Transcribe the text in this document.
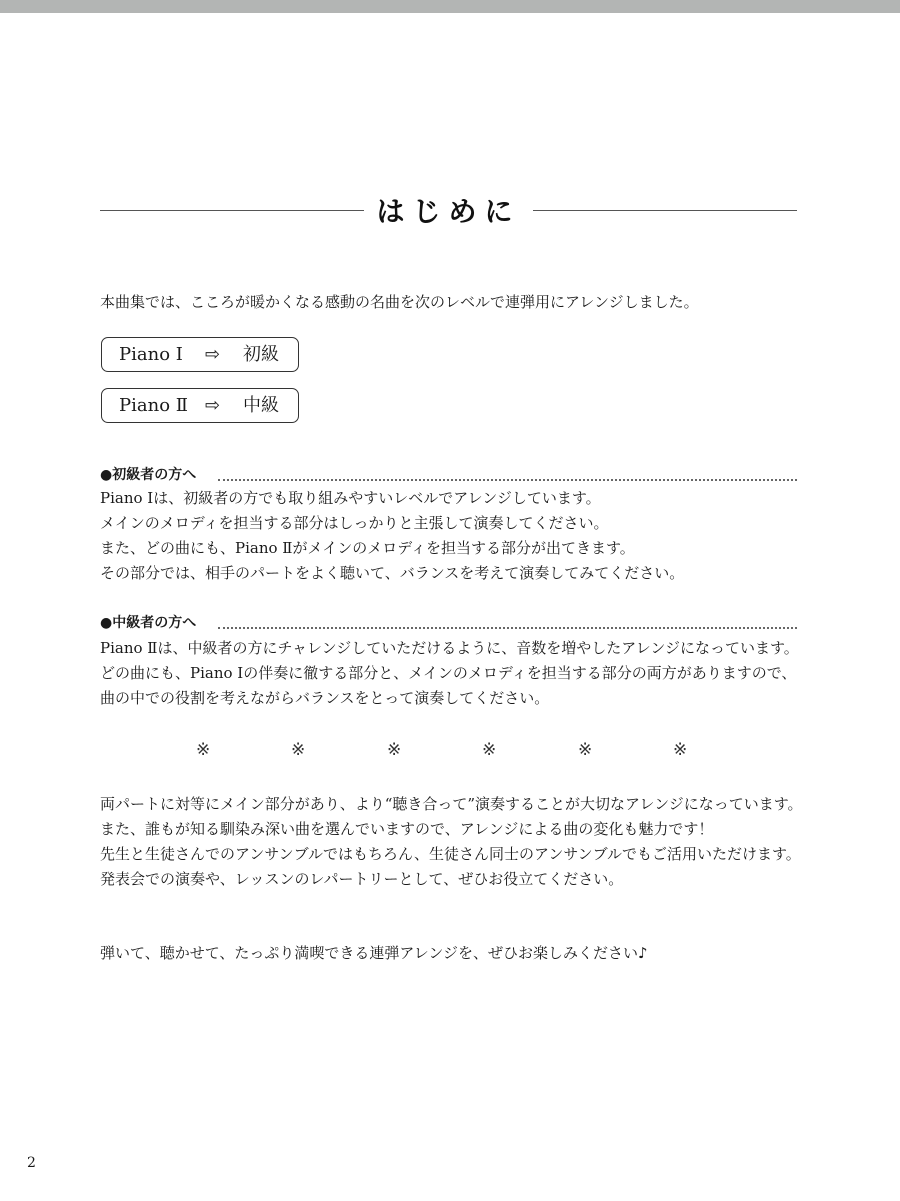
はじめに
本曲集では、こころが暖かくなる感動の名曲を次のレベルで連弾用にアレンジしました。
Piano Ⅰ ⇨ 初級
Piano Ⅱ ⇨ 中級
●初級者の方へ
Piano Ⅰは、初級者の方でも取り組みやすいレベルでアレンジしています。
メインのメロディを担当する部分はしっかりと主張して演奏してください。
また、どの曲にも、Piano Ⅱがメインのメロディを担当する部分が出てきます。
その部分では、相手のパートをよく聴いて、バランスを考えて演奏してみてください。
●中級者の方へ
Piano Ⅱは、中級者の方にチャレンジしていただけるように、音数を増やしたアレンジになっています。
どの曲にも、Piano Ⅰの伴奏に徹する部分と、メインのメロディを担当する部分の両方がありますので、
曲の中での役割を考えながらバランスをとって演奏してください。
※	※	※	※	※	※
両パートに対等にメイン部分があり、より“聴き合って”演奏することが大切なアレンジになっています。
また、誰もが知る馴染み深い曲を選んでいますので、アレンジによる曲の変化も魅力です！
先生と生徒さんでのアンサンブルではもちろん、生徒さん同士のアンサンブルでもご活用いただけます。
発表会での演奏や、レッスンのレパートリーとして、ぜひお役立てください。
弾いて、聴かせて、たっぷり満喫できる連弾アレンジを、ぜひお楽しみください♪
2
